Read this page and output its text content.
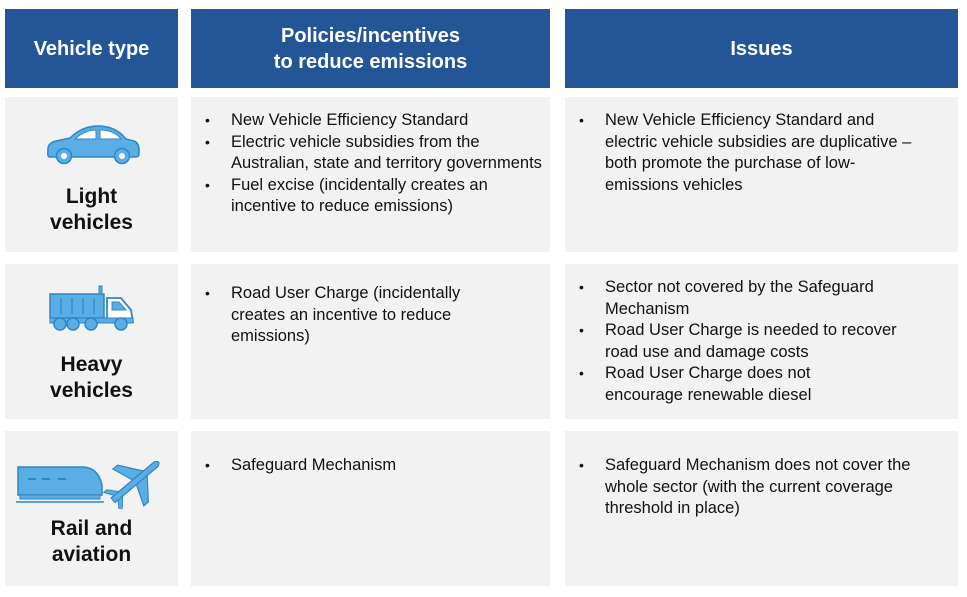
Vehicle type
Policies/incentives
to reduce emissions
Issues
Light
vehicles
• New Vehicle Efficiency Standard
• Electric vehicle subsidies from the Australian, state and territory governments
• Fuel excise (incidentally creates an incentive to reduce emissions)
• New Vehicle Efficiency Standard and electric vehicle subsidies are duplicative – both promote the purchase of low-emissions vehicles
Heavy
vehicles
• Road User Charge (incidentally creates an incentive to reduce emissions)
• Sector not covered by the Safeguard Mechanism
• Road User Charge is needed to recover road use and damage costs
• Road User Charge does not encourage renewable diesel
Rail and
aviation
• Safeguard Mechanism
•	Safeguard Mechanism does not cover the whole sector (with the current coverage threshold in place)
